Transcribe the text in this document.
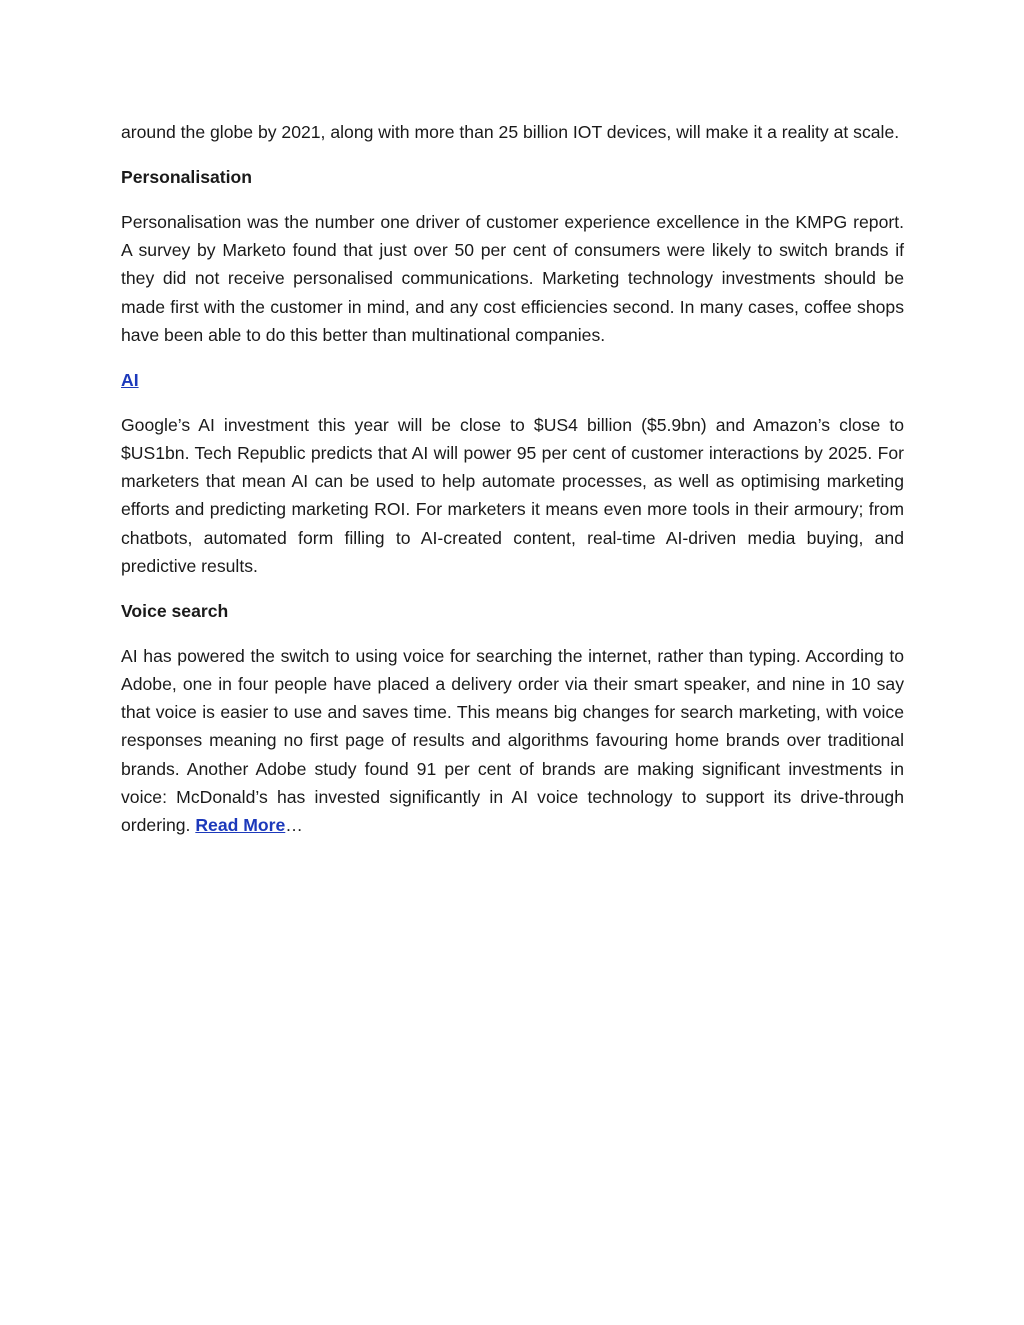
around the globe by 2021, along with more than 25 billion IOT devices, will make it a reality at scale.

Personalisation

Personalisation was the number one driver of customer experience excellence in the KMPG report. A survey by Marketo found that just over 50 per cent of consumers were likely to switch brands if they did not receive personalised communications. Marketing technology investments should be made first with the customer in mind, and any cost efficiencies second. In many cases, coffee shops have been able to do this better than multinational companies.

AI

Google’s AI investment this year will be close to $US4 billion ($5.9bn) and Amazon’s close to $US1bn. Tech Republic predicts that AI will power 95 per cent of customer interactions by 2025. For marketers that mean AI can be used to help automate processes, as well as optimising marketing efforts and predicting marketing ROI. For marketers it means even more tools in their armoury; from chatbots, automated form filling to AI-created content, real-time AI-driven media buying, and predictive results.

Voice search

AI has powered the switch to using voice for searching the internet, rather than typing. According to Adobe, one in four people have placed a delivery order via their smart speaker, and nine in 10 say that voice is easier to use and saves time. This means big changes for search marketing, with voice responses meaning no first page of results and algorithms favouring home brands over traditional brands. Another Adobe study found 91 per cent of brands are making significant investments in voice: McDonald’s has invested significantly in AI voice technology to support its drive-through ordering. Read More…
